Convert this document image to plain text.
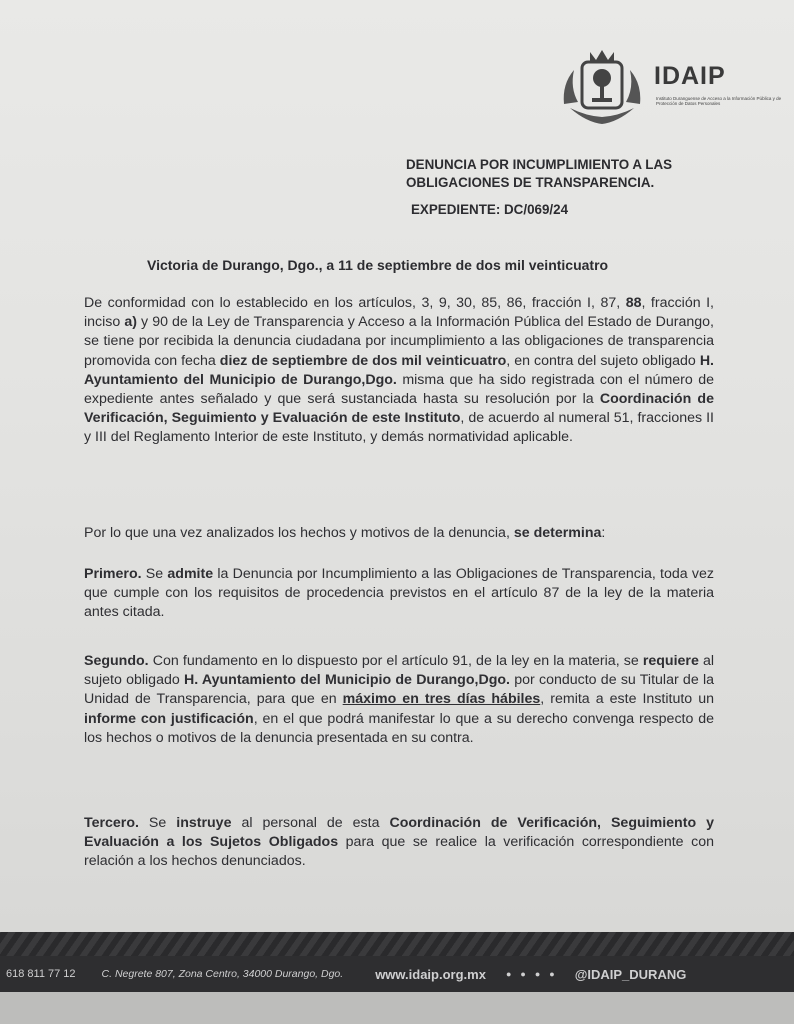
IDAIP
Instituto Duranguense de Acceso a la Información Pública y de Protección de Datos Personales
DENUNCIA POR INCUMPLIMIENTO A LAS OBLIGACIONES DE TRANSPARENCIA.
EXPEDIENTE: DC/069/24
Victoria de Durango, Dgo., a 11 de septiembre de dos mil veinticuatro
De conformidad con lo establecido en los artículos, 3, 9, 30, 85, 86, fracción I, 87, 88, fracción I, inciso a) y 90 de la Ley de Transparencia y Acceso a la Información Pública del Estado de Durango, se tiene por recibida la denuncia ciudadana por incumplimiento a las obligaciones de transparencia promovida con fecha diez de septiembre de dos mil veinticuatro, en contra del sujeto obligado H. Ayuntamiento del Municipio de Durango,Dgo. misma que ha sido registrada con el número de expediente antes señalado y que será sustanciada hasta su resolución por la Coordinación de Verificación, Seguimiento y Evaluación de este Instituto, de acuerdo al numeral 51, fracciones II y III del Reglamento Interior de este Instituto, y demás normatividad aplicable.
Por lo que una vez analizados los hechos y motivos de la denuncia, se determina:
Primero. Se admite la Denuncia por Incumplimiento a las Obligaciones de Transparencia, toda vez que cumple con los requisitos de procedencia previstos en el artículo 87 de la ley de la materia antes citada.
Segundo. Con fundamento en lo dispuesto por el artículo 91, de la ley en la materia, se requiere al sujeto obligado H. Ayuntamiento del Municipio de Durango,Dgo. por conducto de su Titular de la Unidad de Transparencia, para que en máximo en tres días hábiles, remita a este Instituto un informe con justificación, en el que podrá manifestar lo que a su derecho convenga respecto de los hechos o motivos de la denuncia presentada en su contra.
Tercero. Se instruye al personal de esta Coordinación de Verificación, Seguimiento y Evaluación a los Sujetos Obligados para que se realice la verificación correspondiente con relación a los hechos denunciados.
618 811 77 12 C. Negrete 807, Zona Centro, 34000 Durango, Dgo. www.idaip.org.mx ● ● ● ● @IDAIP_DURANG
